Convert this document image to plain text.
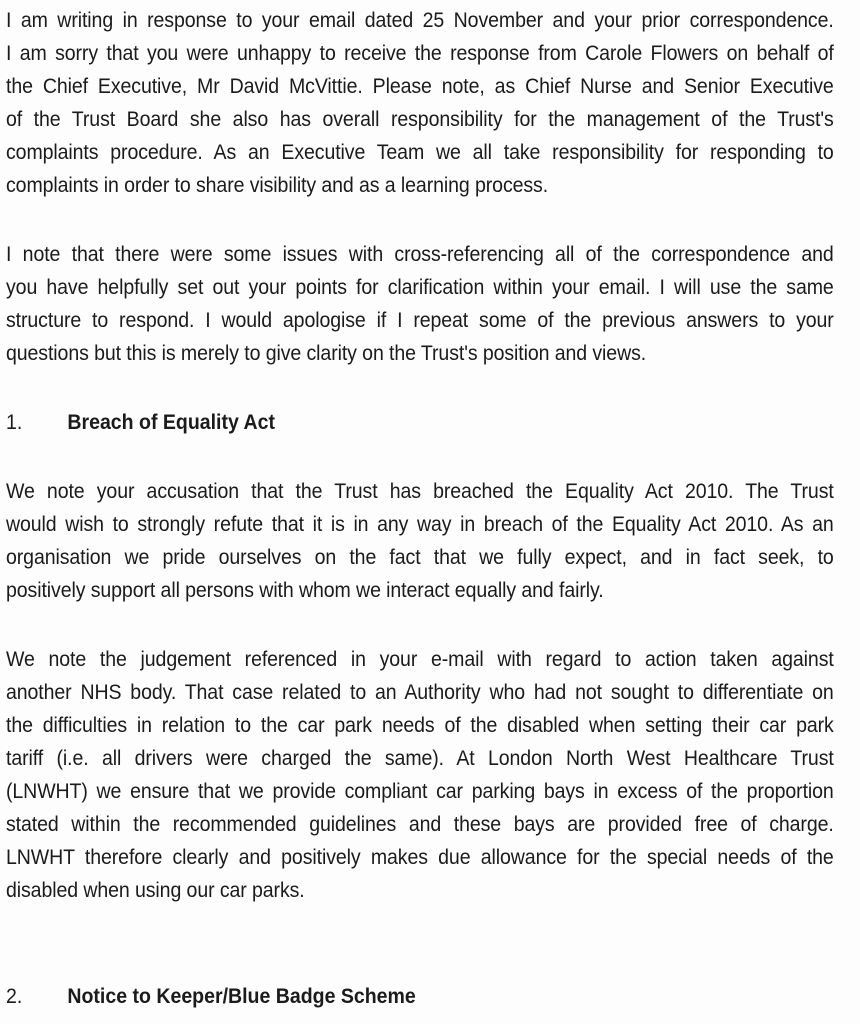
I am writing in response to your email dated 25 November and your prior correspondence.
I am sorry that you were unhappy to receive the response from Carole Flowers on behalf of
the Chief Executive, Mr David McVittie. Please note, as Chief Nurse and Senior Executive
of the Trust Board she also has overall responsibility for the management of the Trust's
complaints procedure. As an Executive Team we all take responsibility for responding to
complaints in order to share visibility and as a learning process.
I note that there were some issues with cross-referencing all of the correspondence and
you have helpfully set out your points for clarification within your email. I will use the same
structure to respond. I would apologise if I repeat some of the previous answers to your
questions but this is merely to give clarity on the Trust's position and views.
1. Breach of Equality Act
We note your accusation that the Trust has breached the Equality Act 2010. The Trust
would wish to strongly refute that it is in any way in breach of the Equality Act 2010. As an
organisation we pride ourselves on the fact that we fully expect, and in fact seek, to
positively support all persons with whom we interact equally and fairly.
We note the judgement referenced in your e-mail with regard to action taken against
another NHS body. That case related to an Authority who had not sought to differentiate on
the difficulties in relation to the car park needs of the disabled when setting their car park
tariff (i.e. all drivers were charged the same). At London North West Healthcare Trust
(LNWHT) we ensure that we provide compliant car parking bays in excess of the proportion
stated within the recommended guidelines and these bays are provided free of charge.
LNWHT therefore clearly and positively makes due allowance for the special needs of the
disabled when using our car parks.
2. Notice to Keeper/Blue Badge Scheme
